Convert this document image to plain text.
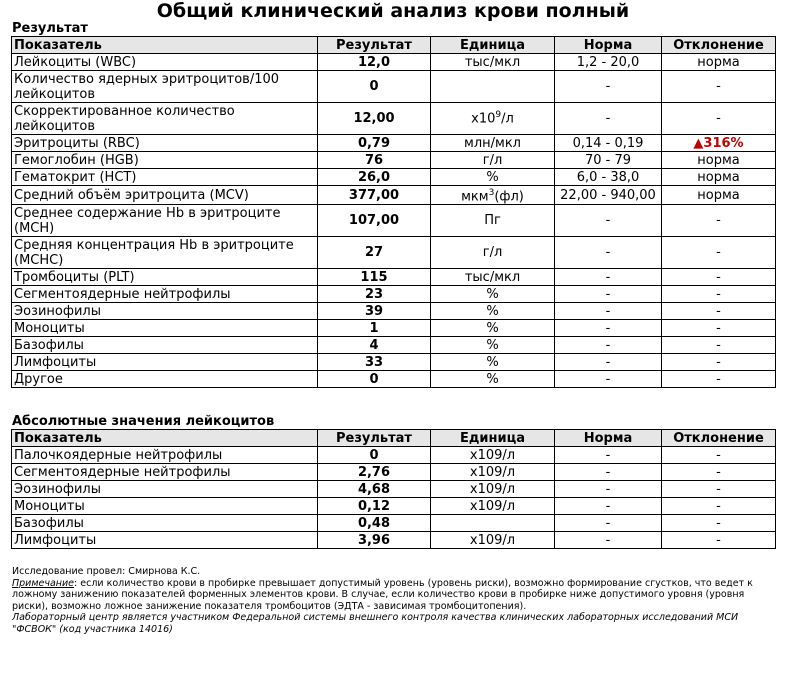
Общий клинический анализ крови полный
Результат
Показатель	Результат	Единица	Норма	Отклонение
Лейкоциты (WBC)	12,0	тыс/мкл	1,2 - 20,0	норма
Количество ядерных эритроцитов/100 лейкоцитов	0		-	-
Скорректированное количество лейкоцитов	12,00	$x10^9/л$	-	-
Эритроциты (RBC)	0,79	млн/мкл	0,14 - 0,19	▲316%
Гемоглобин (HGB)	76	г/л	70 - 79	норма
Гематокрит (HCT)	26,0	%	6,0 - 38,0	норма
Средний объём эритроцита (MCV)	377,00	мкм$^3$(фл)	22,00 - 940,00	норма
Среднее содержание Hb в эритроците (MCH)	107,00	Пг	-	-
Средняя концентрация Hb в эритроците (MCHC)	27	г/л	-	-
Тромбоциты (PLT)	115	тыс/мкл	-	-
Сегментоядерные нейтрофилы	23	%	-	-
Эозинофилы	39	%	-	-
Моноциты	1	%	-	-
Базофилы	4	%	-	-
Лимфоциты	33	%	-	-
Другое	0	%	-	-
Абсолютные значения лейкоцитов
Показатель	Результат	Единица	Норма	Отклонение
Палочкоядерные нейтрофилы	0	x109/л	-	-
Сегментоядерные нейтрофилы	2,76	x109/л	-	-
Эозинофилы	4,68	x109/л	-	-
Моноциты	0,12	x109/л	-	-
Базофилы	0,48		-	-
Лимфоциты	3,96	x109/л	-	-
Исследование провел: Смирнова К.С.
Примечание: если количество крови в пробирке превышает допустимый уровень (уровень риски), возможно формирование сгустков, что ведет к ложному занижению показателей форменных элементов крови. В случае, если количество крови в пробирке ниже допустимого уровня (уровня риски), возможно ложное занижение показателя тромбоцитов (ЭДТА - зависимая тромбоцитопения).
Лабораторный центр является участником Федеральной системы внешнего контроля качества клинических лабораторных исследований МСИ "ФСВОК" (код участника 14016)
